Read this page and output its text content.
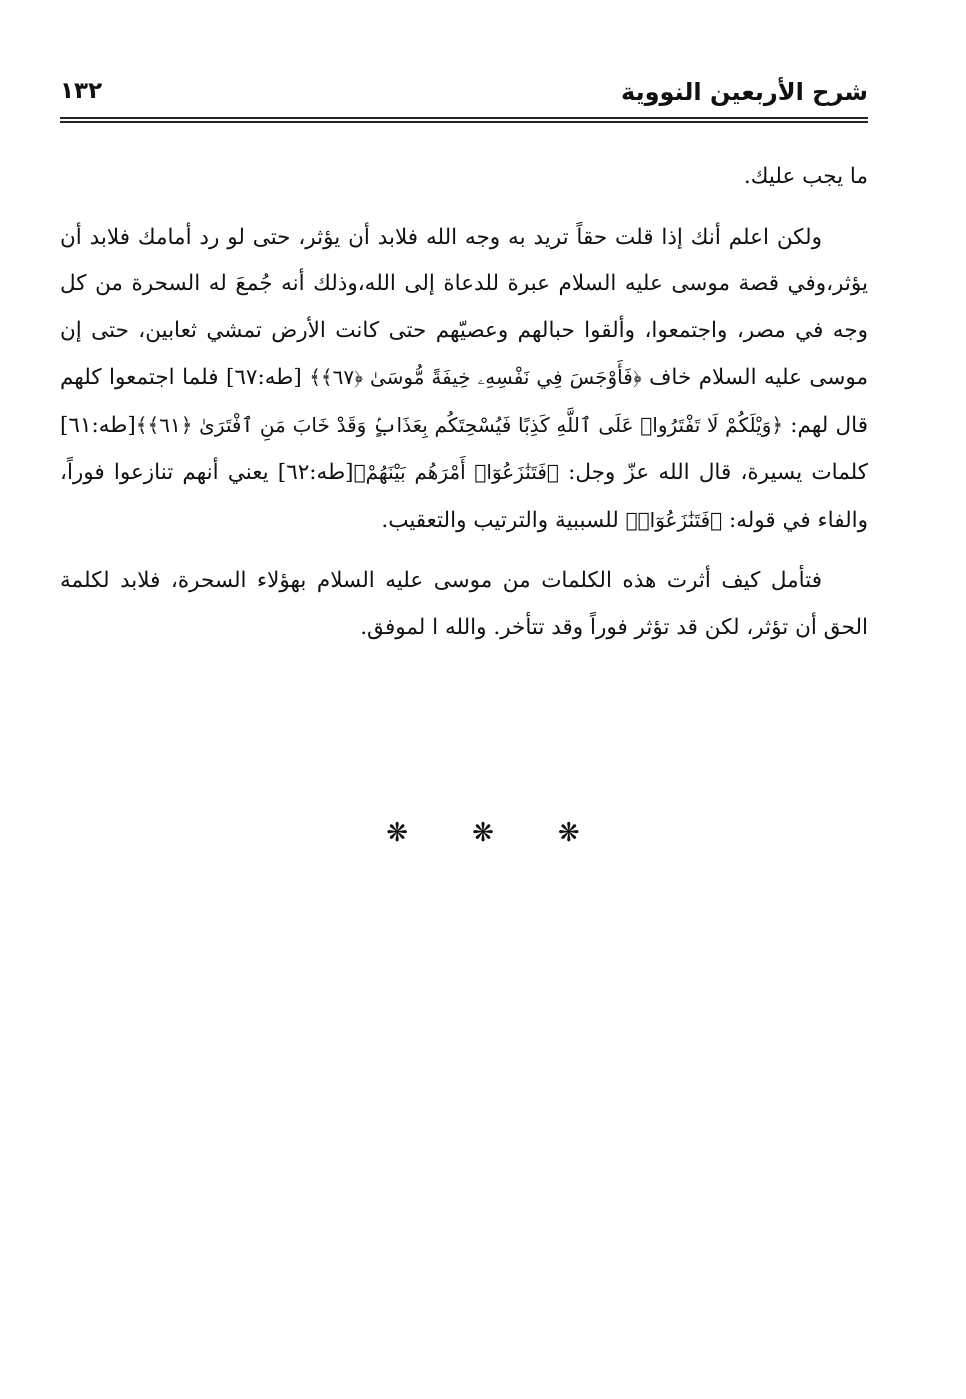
شرح الأربعين النووية
١٣٢

ما يجب عليك.

ولكن اعلم أنك إذا قلت حقاً تريد به وجه الله فلابد أن يؤثر، حتى لو رد أمامك فلابد أن يؤثر،وفي قصة موسى عليه السلام عبرة للدعاة إلى الله،وذلك أنه جُمعَ له السحرة من كل وجه في مصر، واجتمعوا، وألقوا حبالهم وعصيّهم حتى كانت الأرض تمشي ثعابين، حتى إن موسى عليه السلام خاف ﴿فَأَوْجَسَ فِي نَفْسِهِۦ خِيفَةً مُّوسَىٰ ﴿٦٧﴾﴾ [طه:٦٧] فلما اجتمعوا كلهم قال لهم: ﴿وَيْلَكُمْ لَا تَفْتَرُوا۟ عَلَى ٱللَّهِ كَذِبًا فَيُسْحِتَكُم بِعَذَابٍۢ وَقَدْ خَابَ مَنِ ٱفْتَرَىٰ ﴿٦١﴾﴾[طه:٦١] كلمات يسيرة، قال الله عزّ وجل: ﴿فَتَنَٰزَعُوٓا۟ أَمْرَهُم بَيْنَهُمْ﴾[طه:٦٢] يعني أنهم تنازعوا فوراً، والفاء في قوله: ﴿فَتَنَٰزَعُوٓا۟﴾ للسببية والترتيب والتعقيب.

فتأمل كيف أثرت هذه الكلمات من موسى عليه السلام بهؤلاء السحرة، فلابد لكلمة الحق أن تؤثر، لكن قد تؤثر فوراً وقد تتأخر. والله ا لموفق.

❋❋❋
